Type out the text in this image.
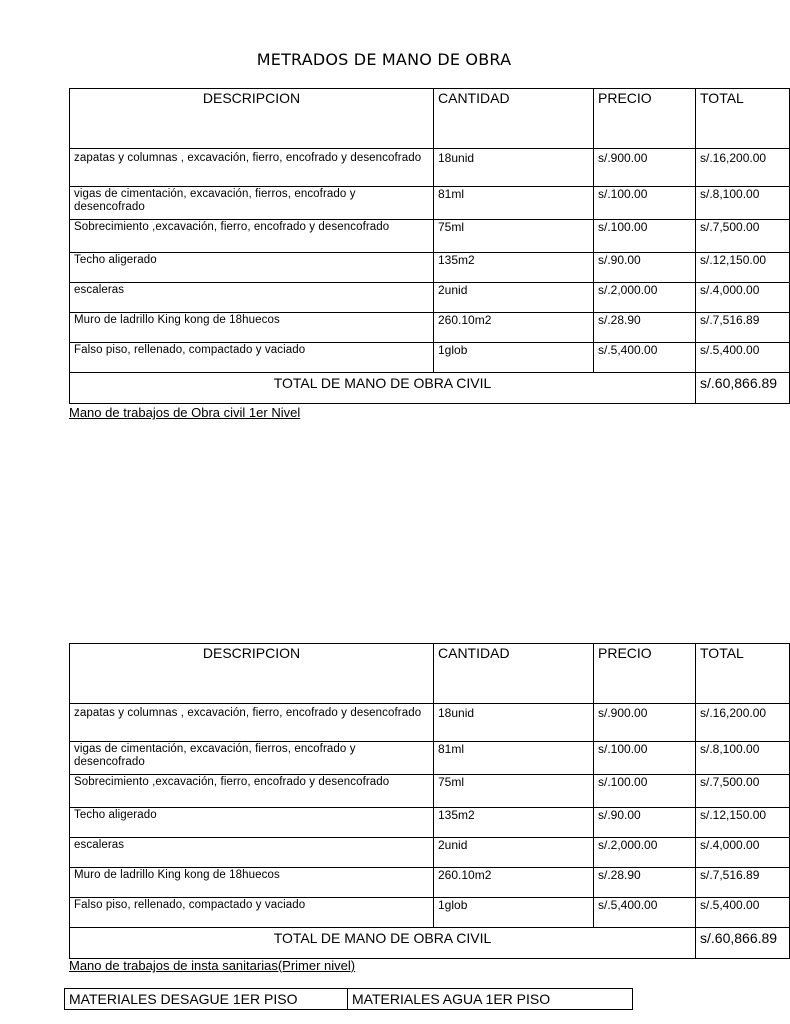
METRADOS DE MANO DE OBRA
DESCRIPCION	CANTIDAD	PRECIO	TOTAL
zapatas y columnas , excavación, fierro, encofrado y desencofrado	18unid	s/.900.00	s/.16,200.00
vigas de cimentación, excavación, fierros, encofrado y desencofrado	81ml	s/.100.00	s/.8,100.00
Sobrecimiento ,excavación, fierro, encofrado y desencofrado	75ml	s/.100.00	s/.7,500.00
Techo aligerado	135m2	s/.90.00	s/.12,150.00
escaleras	2unid	s/.2,000.00	s/.4,000.00
Muro de ladrillo King kong de 18huecos	260.10m2	s/.28.90	s/.7,516.89
Falso piso, rellenado, compactado y vaciado	1glob	s/.5,400.00	s/.5,400.00
TOTAL DE MANO DE OBRA CIVIL			s/.60,866.89
Mano de trabajos de Obra civil 1er Nivel
DESCRIPCION	CANTIDAD	PRECIO	TOTAL
zapatas y columnas , excavación, fierro, encofrado y desencofrado	18unid	s/.900.00	s/.16,200.00
vigas de cimentación, excavación, fierros, encofrado y desencofrado	81ml	s/.100.00	s/.8,100.00
Sobrecimiento ,excavación, fierro, encofrado y desencofrado	75ml	s/.100.00	s/.7,500.00
Techo aligerado	135m2	s/.90.00	s/.12,150.00
escaleras	2unid	s/.2,000.00	s/.4,000.00
Muro de ladrillo King kong de 18huecos	260.10m2	s/.28.90	s/.7,516.89
Falso piso, rellenado, compactado y vaciado	1glob	s/.5,400.00	s/.5,400.00
TOTAL DE MANO DE OBRA CIVIL			s/.60,866.89
Mano de trabajos de insta sanitarias(Primer nivel)
MATERIALES DESAGUE 1ER PISO	MATERIALES AGUA 1ER PISO
